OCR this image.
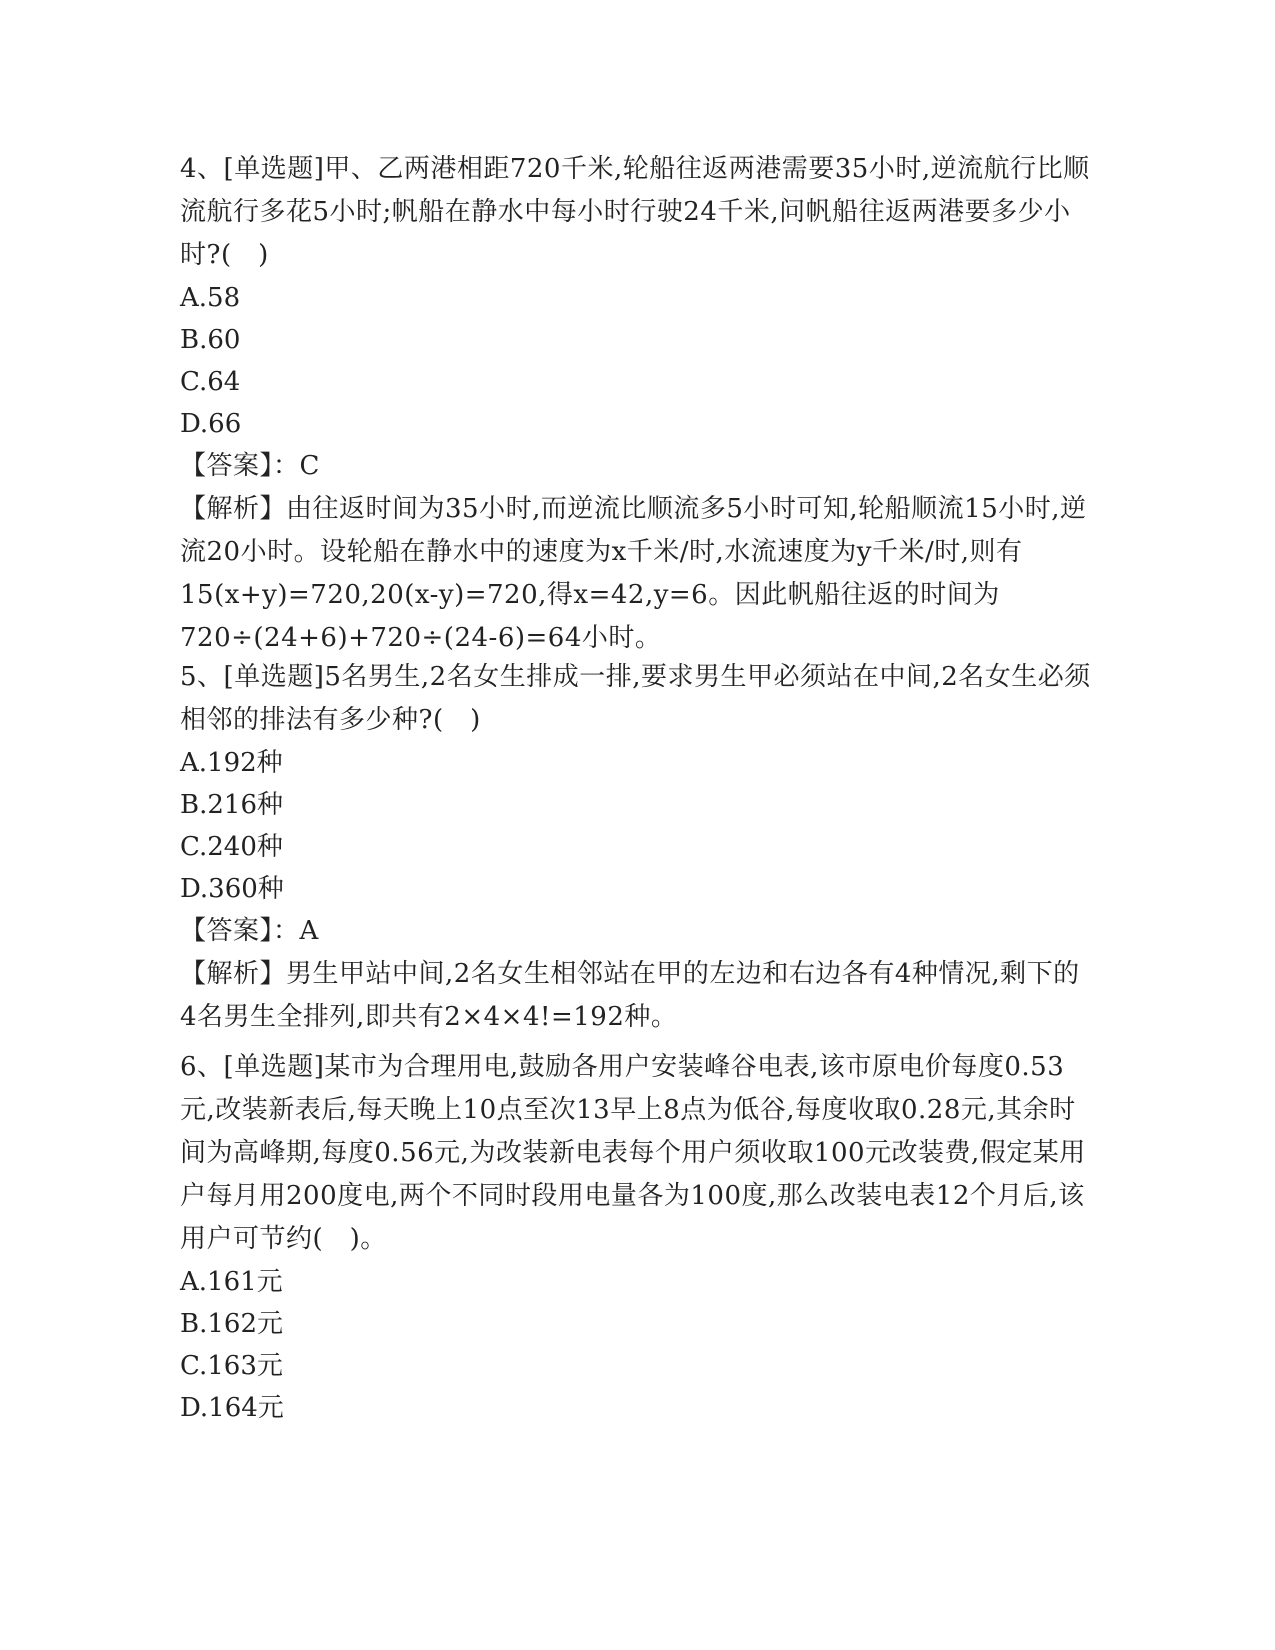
4、[单选题]甲、乙两港相距720千米,轮船往返两港需要35小时,逆流航行比顺流航行多花5小时;帆船在静水中每小时行驶24千米,问帆船往返两港要多少小时?(　)
A.58
B.60
C.64
D.66
【答案】：C
【解析】由往返时间为35小时,而逆流比顺流多5小时可知,轮船顺流15小时,逆流20小时。设轮船在静水中的速度为x千米/时,水流速度为y千米/时,则有15(x+y)=720,20(x-y)=720,得x=42,y=6。因此帆船往返的时间为720÷(24+6)+720÷(24-6)=64小时。
5、[单选题]5名男生,2名女生排成一排,要求男生甲必须站在中间,2名女生必须相邻的排法有多少种?(　)
A.192种
B.216种
C.240种
D.360种
【答案】：A
【解析】男生甲站中间,2名女生相邻站在甲的左边和右边各有4种情况,剩下的4名男生全排列,即共有2×4×4!=192种。
6、[单选题]某市为合理用电,鼓励各用户安装峰谷电表,该市原电价每度0.53元,改装新表后,每天晚上10点至次13早上8点为低谷,每度收取0.28元,其余时间为高峰期,每度0.56元,为改装新电表每个用户须收取100元改装费,假定某用户每月用200度电,两个不同时段用电量各为100度,那么改装电表12个月后,该用户可节约(　)。
A.161元
B.162元
C.163元
D.164元
